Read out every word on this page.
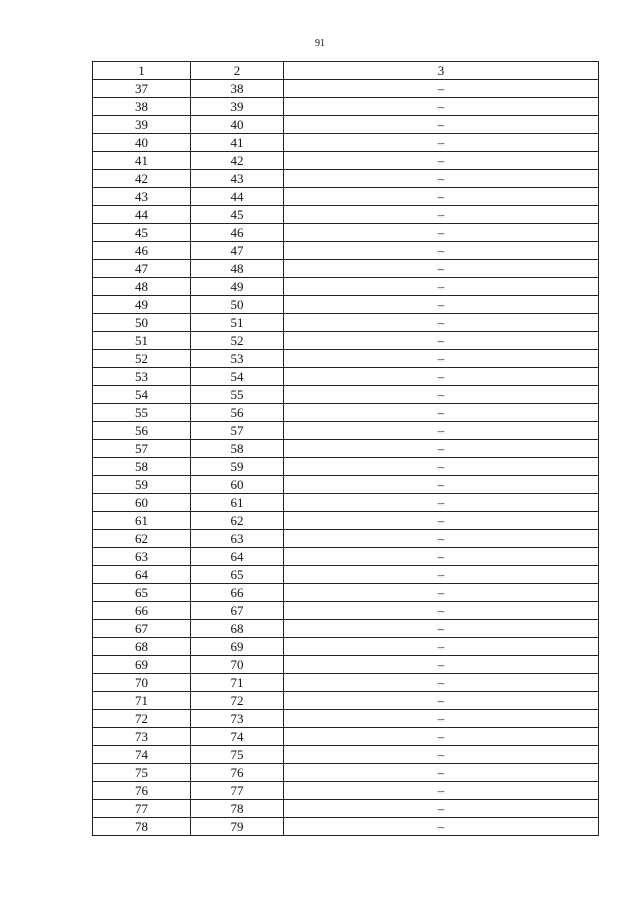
91
1	2	3
37	38	–
38	39	–
39	40	–
40	41	–
41	42	–
42	43	–
43	44	–
44	45	–
45	46	–
46	47	–
47	48	–
48	49	–
49	50	–
50	51	–
51	52	–
52	53	–
53	54	–
54	55	–
55	56	–
56	57	–
57	58	–
58	59	–
59	60	–
60	61	–
61	62	–
62	63	–
63	64	–
64	65	–
65	66	–
66	67	–
67	68	–
68	69	–
69	70	–
70	71	–
71	72	–
72	73	–
73	74	–
74	75	–
75	76	–
76	77	–
77	78	–
78	79	–
